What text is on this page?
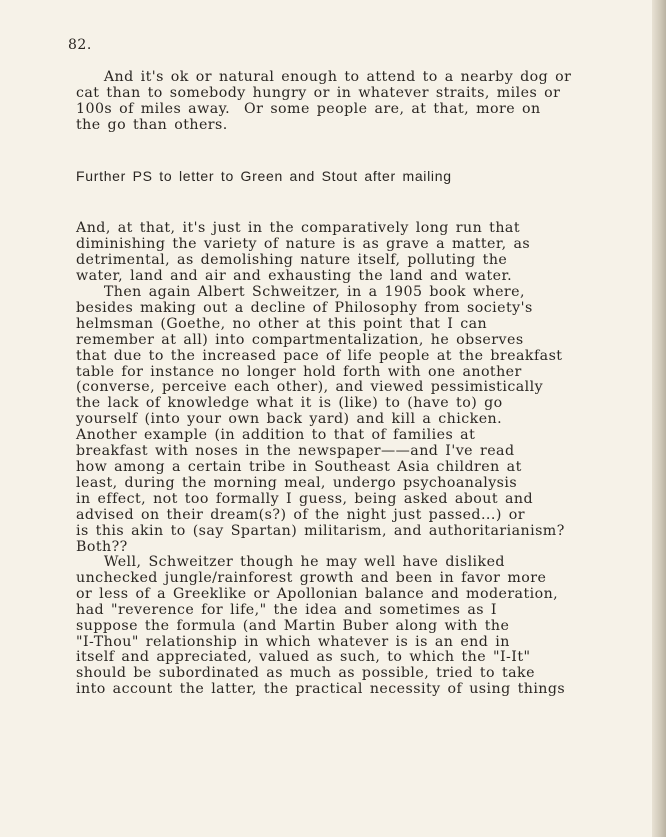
82.

And it's ok or natural enough to attend to a nearby dog or
cat than to somebody hungry or in whatever straits, miles or
100s of miles away.  Or some people are, at that, more on
the go than others.

Further PS to letter to Green and Stout after mailing

And, at that, it's just in the comparatively long run that
diminishing the variety of nature is as grave a matter, as
detrimental, as demolishing nature itself, polluting the
water, land and air and exhausting the land and water.

Then again Albert Schweitzer, in a 1905 book where,
besides making out a decline of Philosophy from society's
helmsman (Goethe, no other at this point that I can
remember at all) into compartmentalization, he observes
that due to the increased pace of life people at the breakfast
table for instance no longer hold forth with one another
(converse, perceive each other), and viewed pessimistically
the lack of knowledge what it is (like) to (have to) go
yourself (into your own back yard) and kill a chicken.
Another example (in addition to that of families at
breakfast with noses in the newspaper——and I've read
how among a certain tribe in Southeast Asia children at
least, during the morning meal, undergo psychoanalysis
in effect, not too formally I guess, being asked about and
advised on their dream(s?) of the night just passed...) or
is this akin to (say Spartan) militarism, and authoritarianism?
Both??

Well, Schweitzer though he may well have disliked
unchecked jungle/rainforest growth and been in favor more
or less of a Greeklike or Apollonian balance and moderation,
had "reverence for life," the idea and sometimes as I
suppose the formula (and Martin Buber along with the
"I-Thou" relationship in which whatever is is an end in
itself and appreciated, valued as such, to which the "I-It"
should be subordinated as much as possible, tried to take
into account the latter, the practical necessity of using things
